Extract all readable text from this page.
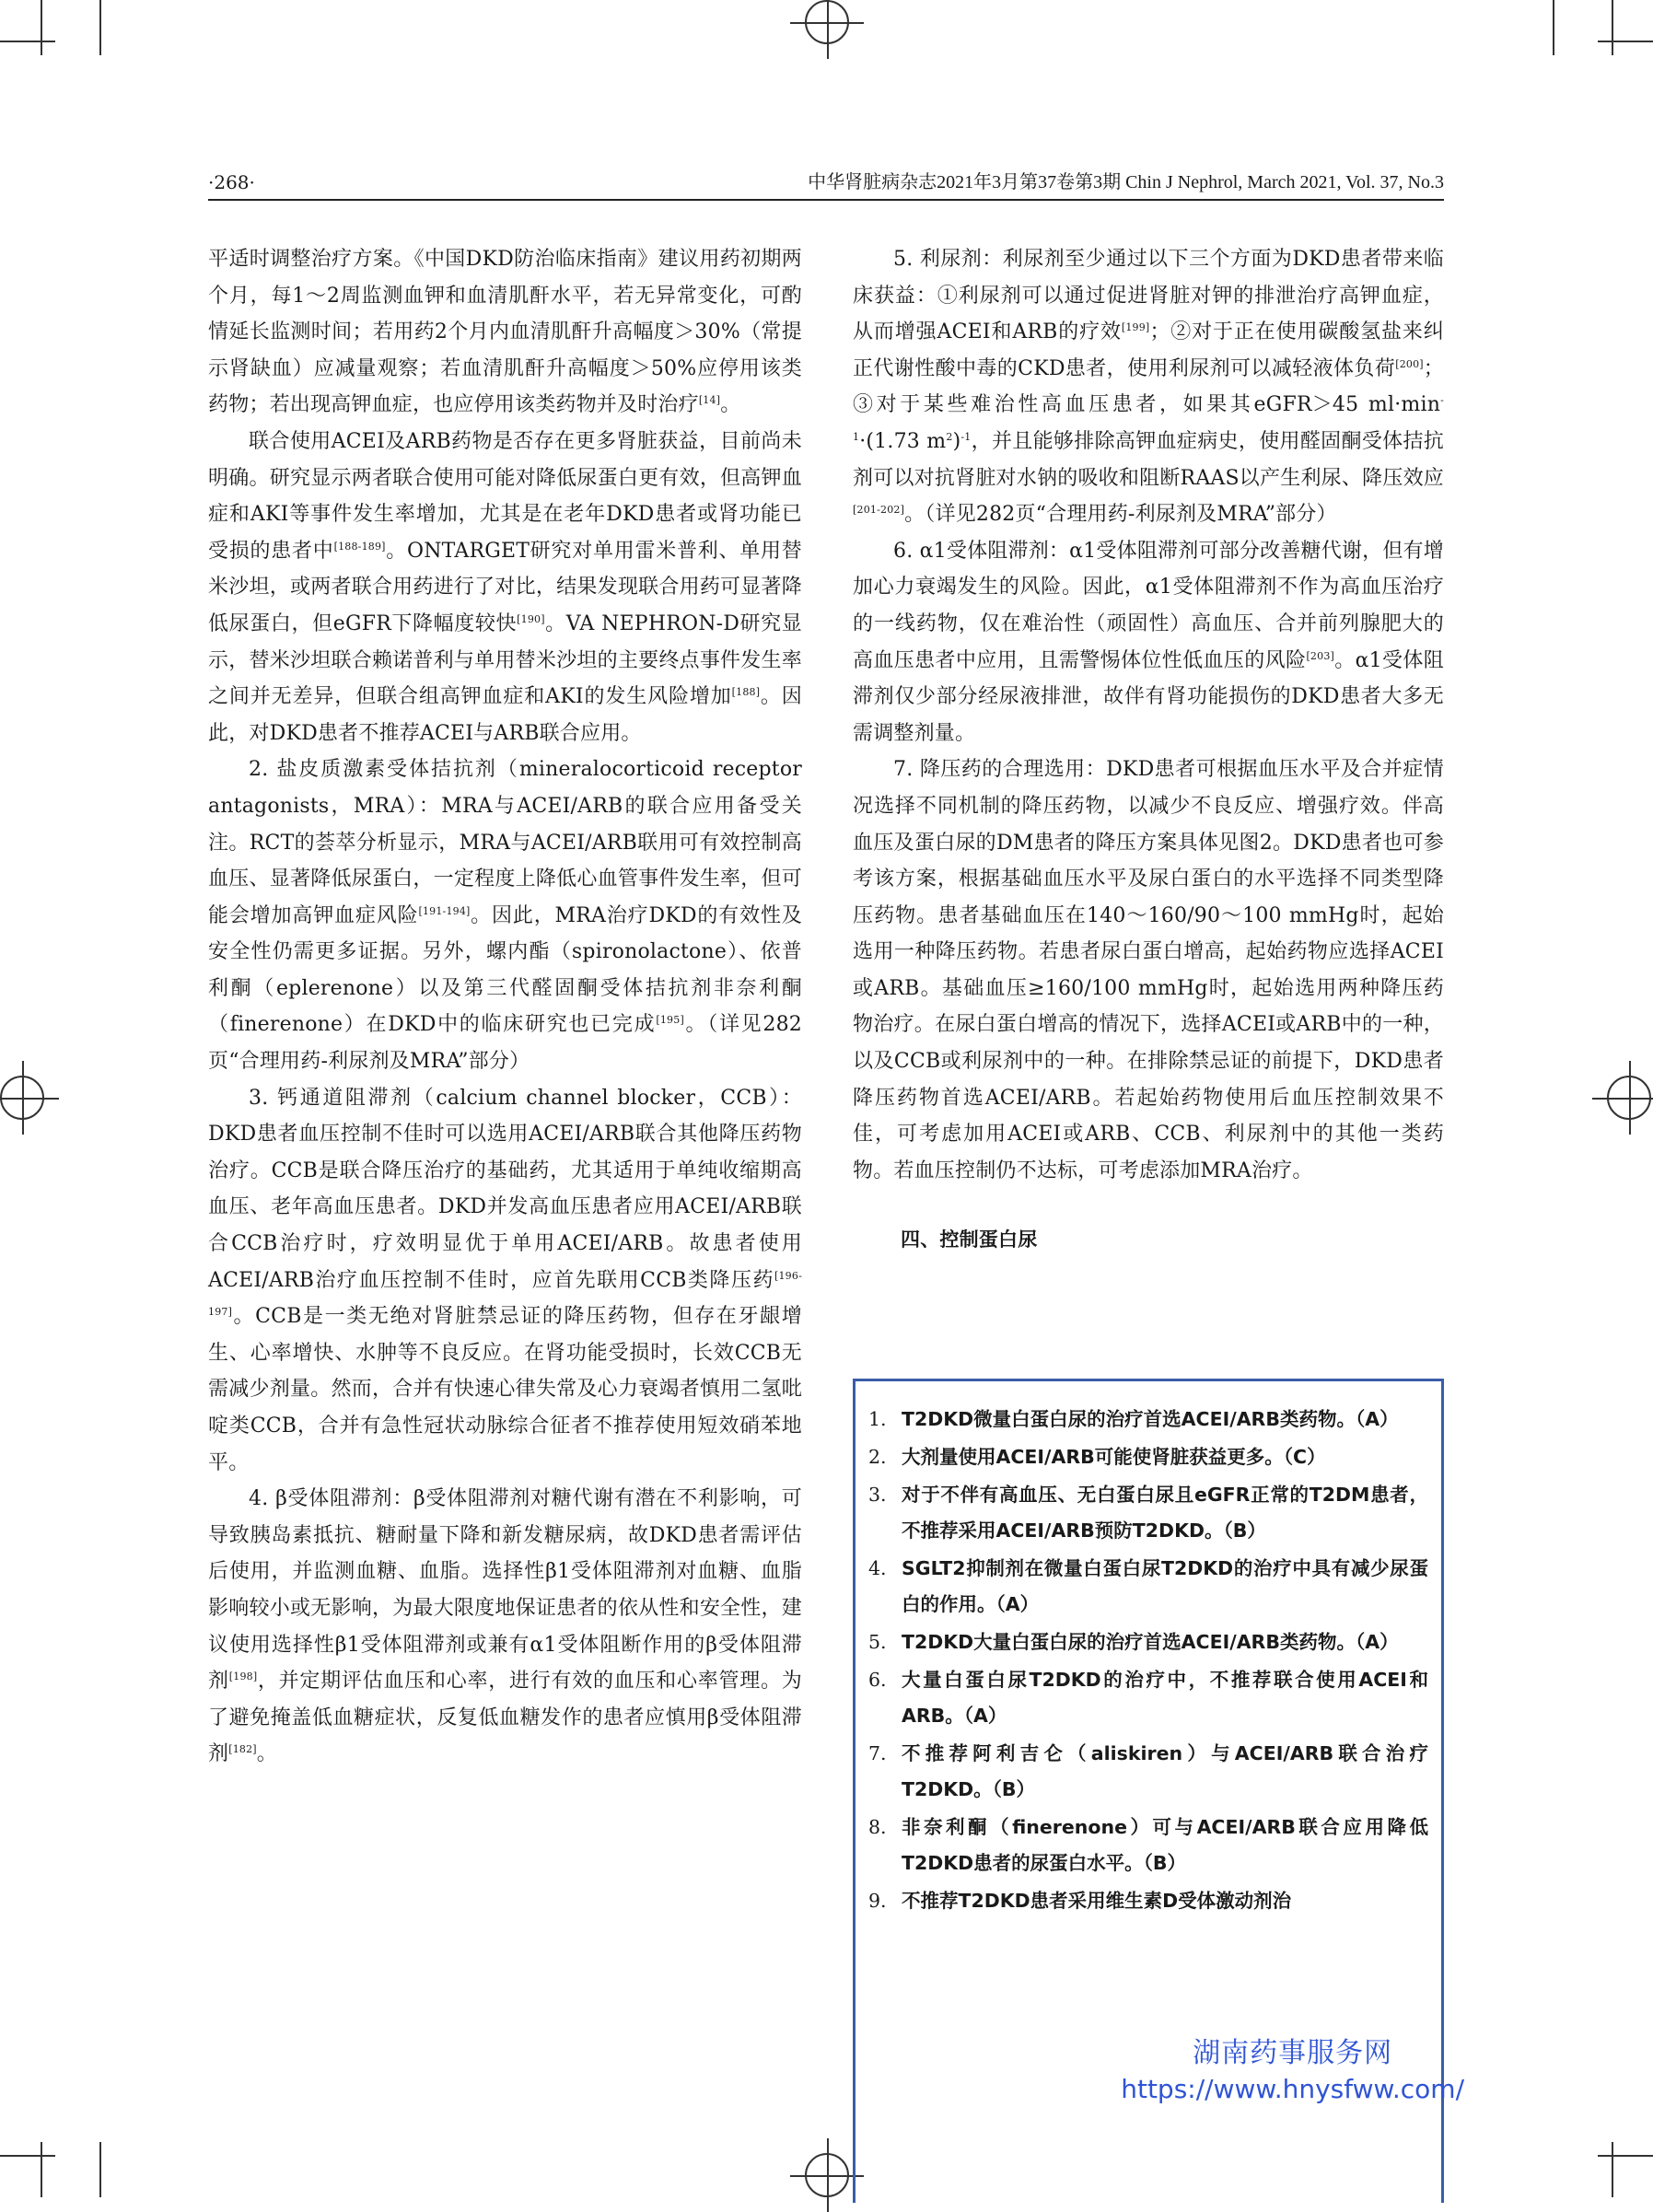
·268·	中华肾脏病杂志2021年3月第37卷第3期 Chin J Nephrol, March 2021, Vol. 37, No.3

平适时调整治疗方案。《中国DKD防治临床指南》建议用药初期两个月，每1～2周监测血钾和血清肌酐水平，若无异常变化，可酌情延长监测时间；若用药2个月内血清肌酐升高幅度＞30%（常提示肾缺血）应减量观察；若血清肌酐升高幅度＞50%应停用该类药物；若出现高钾血症，也应停用该类药物并及时治疗[14]。

联合使用ACEI及ARB药物是否存在更多肾脏获益，目前尚未明确。研究显示两者联合使用可能对降低尿蛋白更有效，但高钾血症和AKI等事件发生率增加，尤其是在老年DKD患者或肾功能已受损的患者中[188-189]。ONTARGET研究对单用雷米普利、单用替米沙坦，或两者联合用药进行了对比，结果发现联合用药可显著降低尿蛋白，但eGFR下降幅度较快[190]。VA NEPHRON-D研究显示，替米沙坦联合赖诺普利与单用替米沙坦的主要终点事件发生率之间并无差异，但联合组高钾血症和AKI的发生风险增加[188]。因此，对DKD患者不推荐ACEI与ARB联合应用。

2. 盐皮质激素受体拮抗剂（mineralocorticoid receptor antagonists，MRA）：MRA与ACEI/ARB的联合应用备受关注。RCT的荟萃分析显示，MRA与ACEI/ARB联用可有效控制高血压、显著降低尿蛋白，一定程度上降低心血管事件发生率，但可能会增加高钾血症风险[191-194]。因此，MRA治疗DKD的有效性及安全性仍需更多证据。另外，螺内酯（spironolactone）、依普利酮（eplerenone）以及第三代醛固酮受体拮抗剂非奈利酮（finerenone）在DKD中的临床研究也已完成[195]。（详见282页“合理用药-利尿剂及MRA”部分）

3. 钙通道阻滞剂（calcium channel blocker，CCB）：DKD患者血压控制不佳时可以选用ACEI/ARB联合其他降压药物治疗。CCB是联合降压治疗的基础药，尤其适用于单纯收缩期高血压、老年高血压患者。DKD并发高血压患者应用ACEI/ARB联合CCB治疗时，疗效明显优于单用ACEI/ARB。故患者使用ACEI/ARB治疗血压控制不佳时，应首先联用CCB类降压药[196-197]。CCB是一类无绝对肾脏禁忌证的降压药物，但存在牙龈增生、心率增快、水肿等不良反应。在肾功能受损时，长效CCB无需减少剂量。然而，合并有快速心律失常及心力衰竭者慎用二氢吡啶类CCB，合并有急性冠状动脉综合征者不推荐使用短效硝苯地平。

4. β受体阻滞剂：β受体阻滞剂对糖代谢有潜在不利影响，可导致胰岛素抵抗、糖耐量下降和新发糖尿病，故DKD患者需评估后使用，并监测血糖、血脂。选择性β1受体阻滞剂对血糖、血脂影响较小或无影响，为最大限度地保证患者的依从性和安全性，建议使用选择性β1受体阻滞剂或兼有α1受体阻断作用的β受体阻滞剂[198]，并定期评估血压和心率，进行有效的血压和心率管理。为了避免掩盖低血糖症状，反复低血糖发作的患者应慎用β受体阻滞剂[182]。

5. 利尿剂：利尿剂至少通过以下三个方面为DKD患者带来临床获益：①利尿剂可以通过促进肾脏对钾的排泄治疗高钾血症，从而增强ACEI和ARB的疗效[199]；②对于正在使用碳酸氢盐来纠正代谢性酸中毒的CKD患者，使用利尿剂可以减轻液体负荷[200]；③对于某些难治性高血压患者，如果其eGFR＞45 $ml\cdot\min^{-1}\cdot(1.73$ $m^2)^{-1}$，并且能够排除高钾血症病史，使用醛固酮受体拮抗剂可以对抗肾脏对水钠的吸收和阻断RAAS以产生利尿、降压效应[201-202]。（详见282页“合理用药-利尿剂及MRA”部分）

6. α1受体阻滞剂：α1受体阻滞剂可部分改善糖代谢，但有增加心力衰竭发生的风险。因此，α1受体阻滞剂不作为高血压治疗的一线药物，仅在难治性（顽固性）高血压、合并前列腺肥大的高血压患者中应用，且需警惕体位性低血压的风险[203]。α1受体阻滞剂仅少部分经尿液排泄，故伴有肾功能损伤的DKD患者大多无需调整剂量。

7. 降压药的合理选用：DKD患者可根据血压水平及合并症情况选择不同机制的降压药物，以减少不良反应、增强疗效。伴高血压及蛋白尿的DM患者的降压方案具体见图2。DKD患者也可参考该方案，根据基础血压水平及尿白蛋白的水平选择不同类型降压药物。患者基础血压在140～160/90～100 mmHg时，起始选用一种降压药物。若患者尿白蛋白增高，起始药物应选择ACEI或ARB。基础血压≥160/100 mmHg时，起始选用两种降压药物治疗。在尿白蛋白增高的情况下，选择ACEI或ARB中的一种，以及CCB或利尿剂中的一种。在排除禁忌证的前提下，DKD患者降压药物首选ACEI/ARB。若起始药物使用后血压控制效果不佳，可考虑加用ACEI或ARB、CCB、利尿剂中的其他一类药物。若血压控制仍不达标，可考虑添加MRA治疗。

四、控制蛋白尿

1. T2DKD微量白蛋白尿的治疗首选ACEI/ARB类药物。（A）
2. 大剂量使用ACEI/ARB可能使肾脏获益更多。（C）
3. 对于不伴有高血压、无白蛋白尿且eGFR正常的T2DM患者，不推荐采用ACEI/ARB预防T2DKD。（B）
4. SGLT2抑制剂在微量白蛋白尿T2DKD的治疗中具有减少尿蛋白的作用。（A）
5. T2DKD大量白蛋白尿的治疗首选ACEI/ARB类药物。（A）
6. 大量白蛋白尿T2DKD的治疗中，不推荐联合使用ACEI和ARB。（A）
7. 不推荐阿利吉仑（aliskiren）与ACEI/ARB联合治疗T2DKD。（B）
8. 非奈利酮（finerenone）可与ACEI/ARB联合应用降低T2DKD患者的尿蛋白水平。（B）
9. 不推荐T2DKD患者采用维生素D受体激动剂治
湖南药事服务网
https://www.hnysfww.com/
